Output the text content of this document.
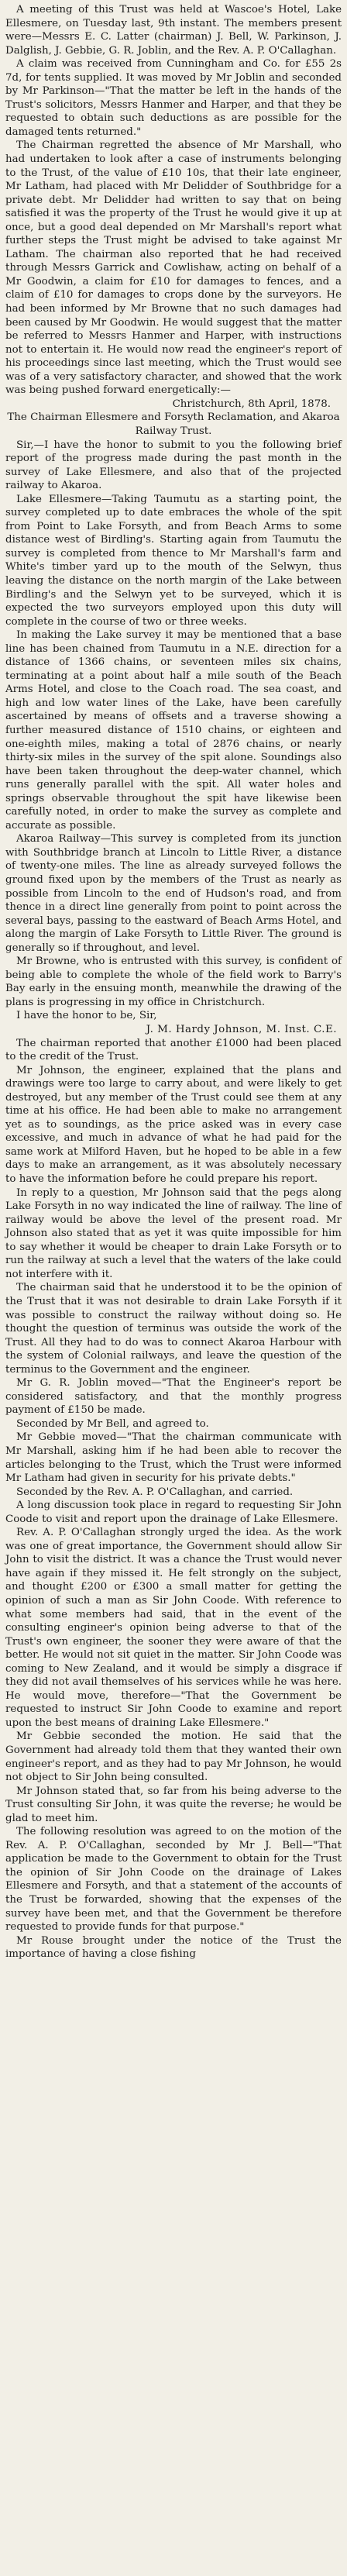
A meeting of this Trust was held at Wascoe's Hotel, Lake Ellesmere, on Tuesday last, 9th instant. The members present were—Messrs E. C. Latter (chairman) J. Bell, W. Parkinson, J. Dalglish, J. Gebbie, G. R. Joblin, and the Rev. A. P. O'Callaghan.

A claim was received from Cunningham and Co. for £55 2s 7d, for tents supplied. It was moved by Mr Joblin and seconded by Mr Parkinson—"That the matter be left in the hands of the Trust's solicitors, Messrs Hanmer and Harper, and that they be requested to obtain such deductions as are possible for the damaged tents returned."

The Chairman regretted the absence of Mr Marshall, who had undertaken to look after a case of instruments belonging to the Trust, of the value of £10 10s, that their late engineer, Mr Latham, had placed with Mr Delidder of Southbridge for a private debt. Mr Delidder had written to say that on being satisfied it was the property of the Trust he would give it up at once, but a good deal depended on Mr Marshall's report what further steps the Trust might be advised to take against Mr Latham. The chairman also reported that he had received through Messrs Garrick and Cowlishaw, acting on behalf of a Mr Goodwin, a claim for £10 for damages to fences, and a claim of £10 for damages to crops done by the surveyors. He had been informed by Mr Browne that no such damages had been caused by Mr Goodwin. He would suggest that the matter be referred to Messrs Hanmer and Harper, with instructions not to entertain it. He would now read the engineer's report of his proceedings since last meeting, which the Trust would see was of a very satisfactory character, and showed that the work was being pushed forward energetically:—

Christchurch, 8th April, 1878.

The Chairman Ellesmere and Forsyth Reclamation, and Akaroa Railway Trust.

Sir,—I have the honor to submit to you the following brief report of the progress made during the past month in the survey of Lake Ellesmere, and also that of the projected railway to Akaroa.

Lake Ellesmere—Taking Taumutu as a starting point, the survey completed up to date embraces the whole of the spit from Point to Lake Forsyth, and from Beach Arms to some distance west of Birdling's. Starting again from Taumutu the survey is completed from thence to Mr Marshall's farm and White's timber yard up to the mouth of the Selwyn, thus leaving the distance on the north margin of the Lake between Birdling's and the Selwyn yet to be surveyed, which it is expected the two surveyors employed upon this duty will complete in the course of two or three weeks.

In making the Lake survey it may be mentioned that a base line has been chained from Taumutu in a N.E. direction for a distance of 1366 chains, or seventeen miles six chains, terminating at a point about half a mile south of the Beach Arms Hotel, and close to the Coach road. The sea coast, and high and low water lines of the Lake, have been carefully ascertained by means of offsets and a traverse showing a further measured distance of 1510 chains, or eighteen and one-eighth miles, making a total of 2876 chains, or nearly thirty-six miles in the survey of the spit alone. Soundings also have been taken throughout the deep-water channel, which runs generally parallel with the spit. All water holes and springs observable throughout the spit have likewise been carefully noted, in order to make the survey as complete and accurate as possible.

Akaroa Railway—This survey is completed from its junction with Southbridge branch at Lincoln to Little River, a distance of twenty-one miles. The line as already surveyed follows the ground fixed upon by the members of the Trust as nearly as possible from Lincoln to the end of Hudson's road, and from thence in a direct line generally from point to point across the several bays, passing to the eastward of Beach Arms Hotel, and along the margin of Lake Forsyth to Little River. The ground is generally so if throughout, and level.

Mr Browne, who is entrusted with this survey, is confident of being able to complete the whole of the field work to Barry's Bay early in the ensuing month, meanwhile the drawing of the plans is progressing in my office in Christchurch.

I have the honor to be, Sir,

J. M. Hardy Johnson, M. Inst. C.E.

The chairman reported that another £1000 had been placed to the credit of the Trust.

Mr Johnson, the engineer, explained that the plans and drawings were too large to carry about, and were likely to get destroyed, but any member of the Trust could see them at any time at his office. He had been able to make no arrangement yet as to soundings, as the price asked was in every case excessive, and much in advance of what he had paid for the same work at Milford Haven, but he hoped to be able in a few days to make an arrangement, as it was absolutely necessary to have the information before he could prepare his report.

In reply to a question, Mr Johnson said that the pegs along Lake Forsyth in no way indicated the line of railway. The line of railway would be above the level of the present road. Mr Johnson also stated that as yet it was quite impossible for him to say whether it would be cheaper to drain Lake Forsyth or to run the railway at such a level that the waters of the lake could not interfere with it.

The chairman said that he understood it to be the opinion of the Trust that it was not desirable to drain Lake Forsyth if it was possible to construct the railway without doing so. He thought the question of terminus was outside the work of the Trust. All they had to do was to connect Akaroa Harbour with the system of Colonial railways, and leave the question of the terminus to the Government and the engineer.

Mr G. R. Joblin moved—"That the Engineer's report be considered satisfactory, and that the monthly progress payment of £150 be made.

Seconded by Mr Bell, and agreed to.

Mr Gebbie moved—"That the chairman communicate with Mr Marshall, asking him if he had been able to recover the articles belonging to the Trust, which the Trust were informed Mr Latham had given in security for his private debts."

Seconded by the Rev. A. P. O'Callaghan, and carried.

A long discussion took place in regard to requesting Sir John Coode to visit and report upon the drainage of Lake Ellesmere.

Rev. A. P. O'Callaghan strongly urged the idea. As the work was one of great importance, the Government should allow Sir John to visit the district. It was a chance the Trust would never have again if they missed it. He felt strongly on the subject, and thought £200 or £300 a small matter for getting the opinion of such a man as Sir John Coode. With reference to what some members had said, that in the event of the consulting engineer's opinion being adverse to that of the Trust's own engineer, the sooner they were aware of that the better. He would not sit quiet in the matter. Sir John Coode was coming to New Zealand, and it would be simply a disgrace if they did not avail themselves of his services while he was here. He would move, therefore—"That the Government be requested to instruct Sir John Coode to examine and report upon the best means of draining Lake Ellesmere."

Mr Gebbie seconded the motion. He said that the Government had already told them that they wanted their own engineer's report, and as they had to pay Mr Johnson, he would not object to Sir John being consulted.

Mr Johnson stated that, so far from his being adverse to the Trust consulting Sir John, it was quite the reverse; he would be glad to meet him.

The following resolution was agreed to on the motion of the Rev. A. P. O'Callaghan, seconded by Mr J. Bell—"That application be made to the Government to obtain for the Trust the opinion of Sir John Coode on the drainage of Lakes Ellesmere and Forsyth, and that a statement of the accounts of the Trust be forwarded, showing that the expenses of the survey have been met, and that the Government be therefore requested to provide funds for that purpose."

Mr Rouse brought under the notice of the Trust the importance of having a close fishing
